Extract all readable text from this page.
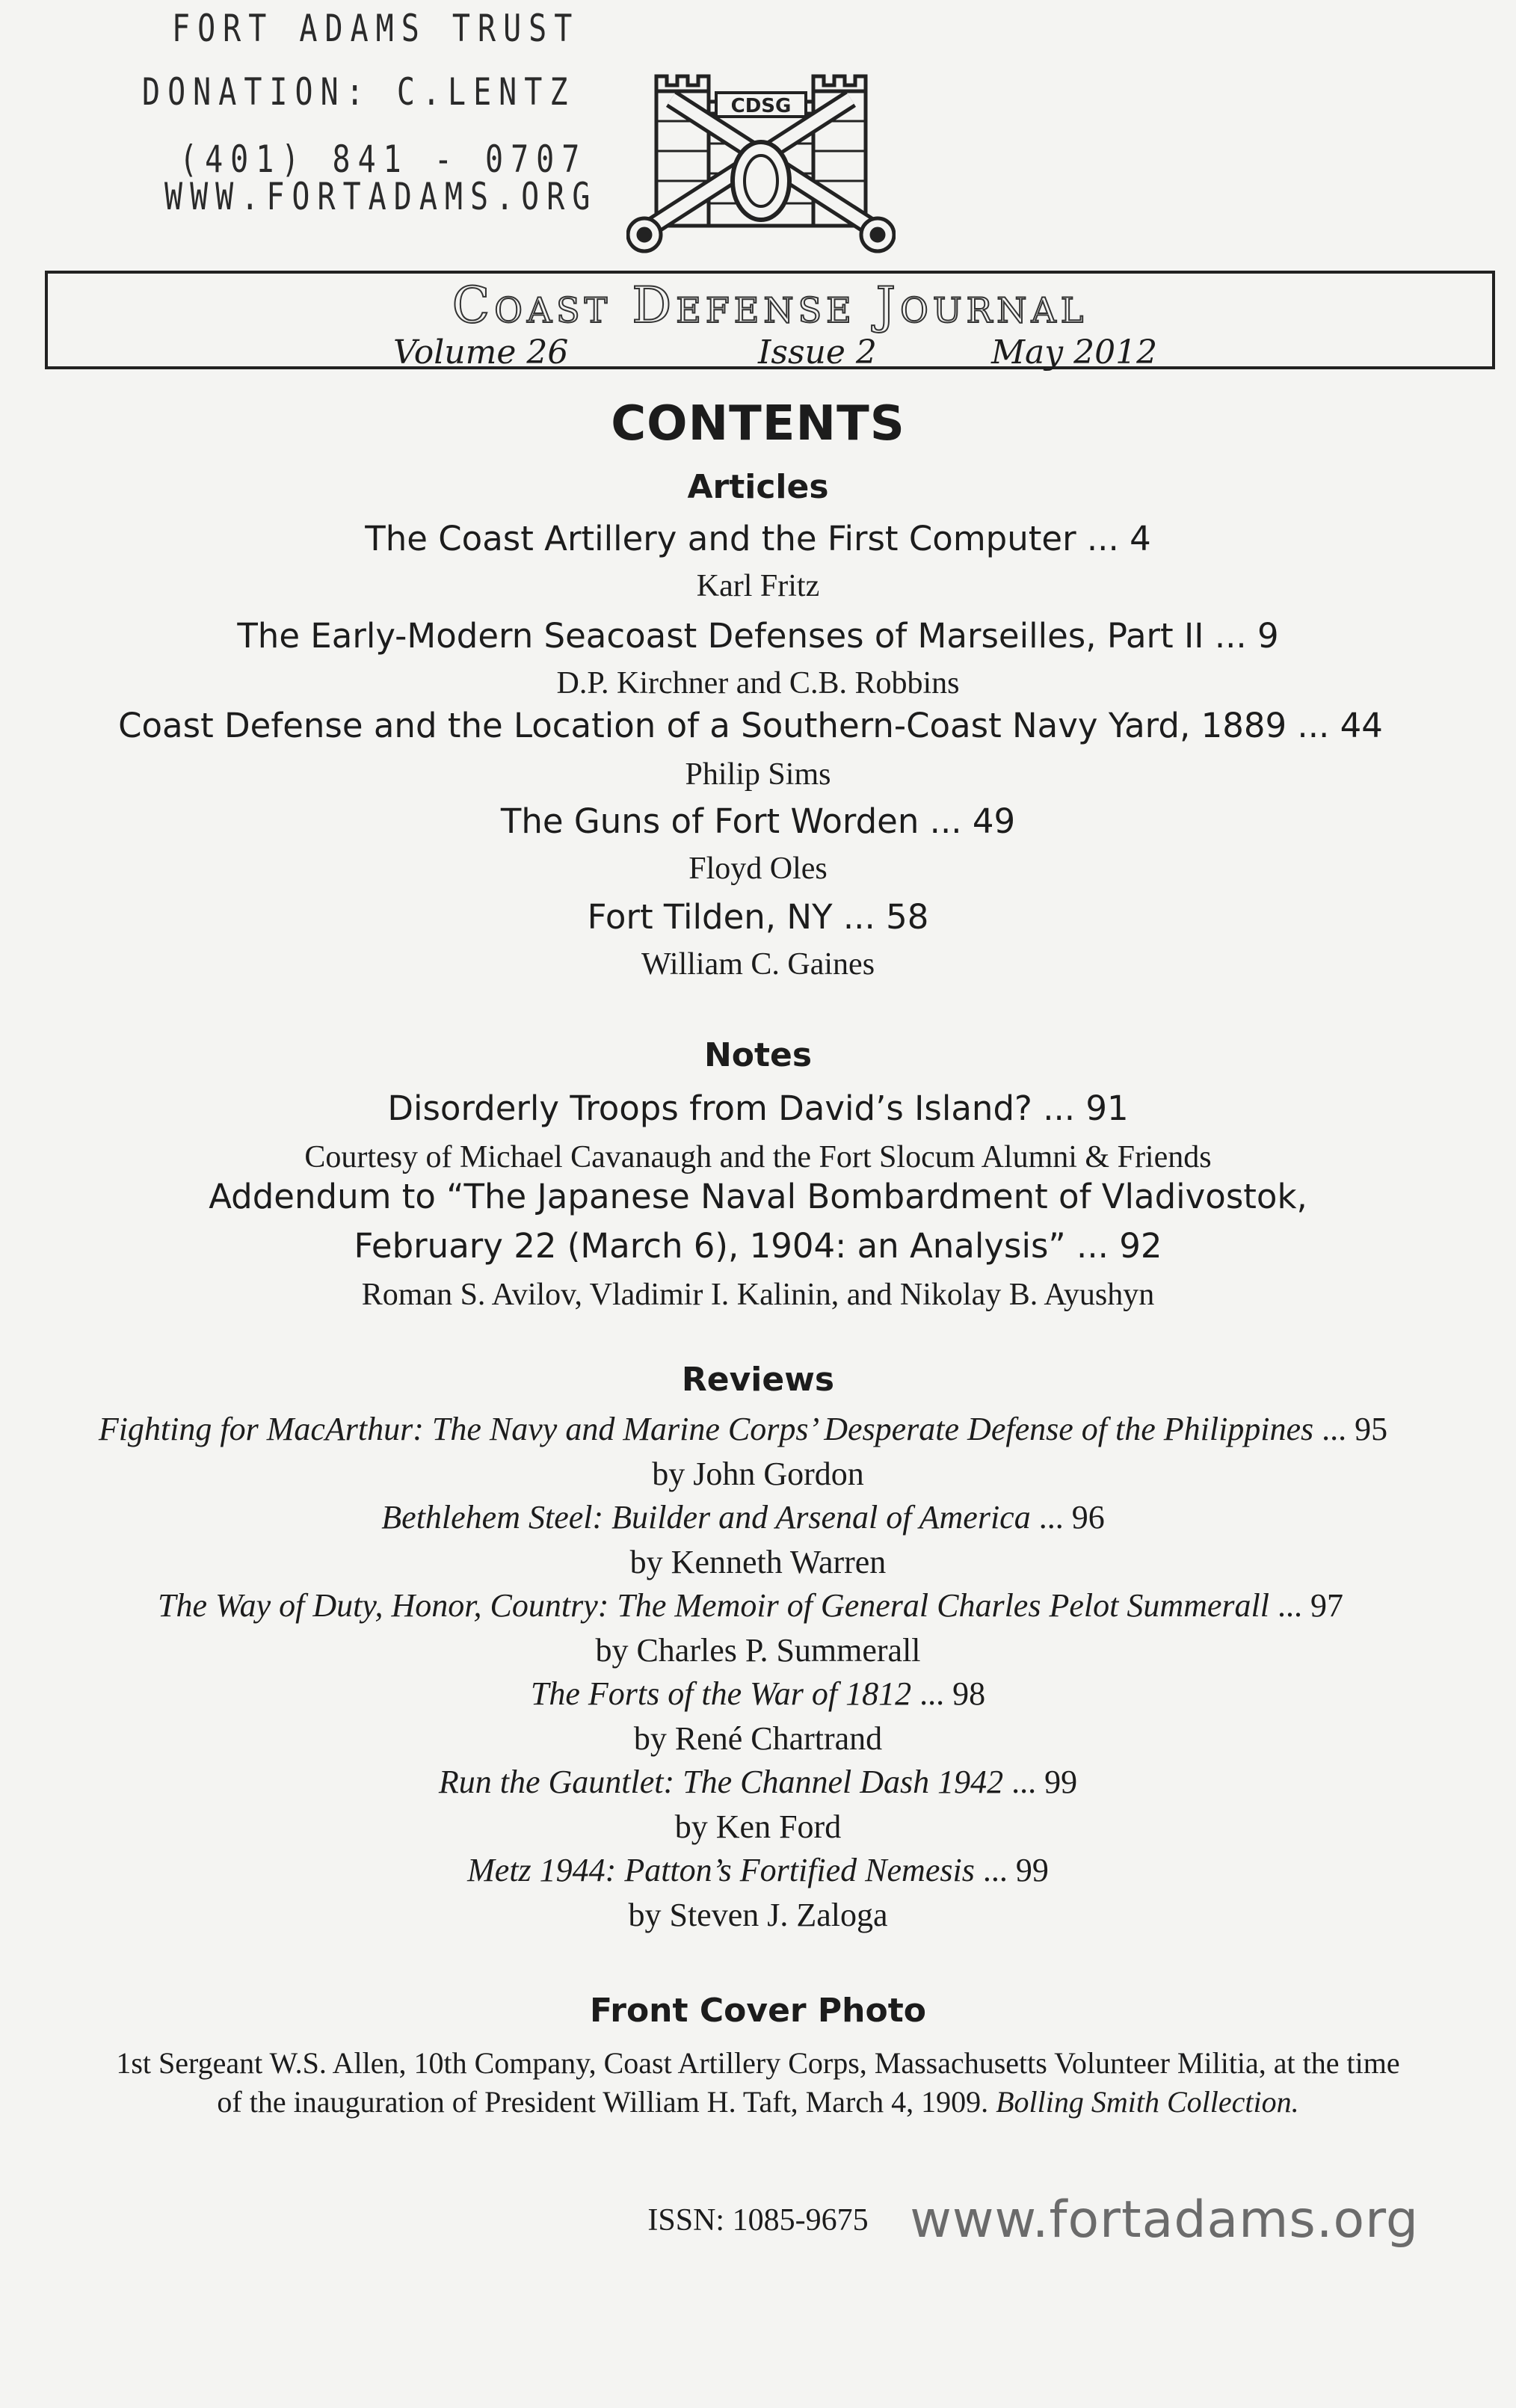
FORT ADAMS TRUST
DONATION: C.LENTZ
(401) 841 - 0707
WWW.FORTADAMS.ORG
CDSG
Coast Defense Journal
Volume 26	Issue 2	May 2012
CONTENTS
Articles
The Coast Artillery and the First Computer ... 4
Karl Fritz
The Early-Modern Seacoast Defenses of Marseilles, Part II ... 9
D.P. Kirchner and C.B. Robbins
Coast Defense and the Location of a Southern-Coast Navy Yard, 1889 ... 44
Philip Sims
The Guns of Fort Worden ... 49
Floyd Oles
Fort Tilden, NY ... 58
William C. Gaines
Notes
Disorderly Troops from David’s Island? ... 91
Courtesy of Michael Cavanaugh and the Fort Slocum Alumni & Friends
Addendum to “The Japanese Naval Bombardment of Vladivostok,
February 22 (March 6), 1904: an Analysis” ... 92
Roman S. Avilov, Vladimir I. Kalinin, and Nikolay B. Ayushyn
Reviews
Fighting for MacArthur: The Navy and Marine Corps’ Desperate Defense of the Philippines ... 95
by John Gordon
Bethlehem Steel: Builder and Arsenal of America ... 96
by Kenneth Warren
The Way of Duty, Honor, Country: The Memoir of General Charles Pelot Summerall ... 97
by Charles P. Summerall
The Forts of the War of 1812 ... 98
by René Chartrand
Run the Gauntlet: The Channel Dash 1942 ... 99
by Ken Ford
Metz 1944: Patton’s Fortified Nemesis ... 99
by Steven J. Zaloga
Front Cover Photo
1st Sergeant W.S. Allen, 10th Company, Coast Artillery Corps, Massachusetts Volunteer Militia, at the time
of the inauguration of President William H. Taft, March 4, 1909. Bolling Smith Collection.
ISSN: 1085-9675 www.fortadams.org
